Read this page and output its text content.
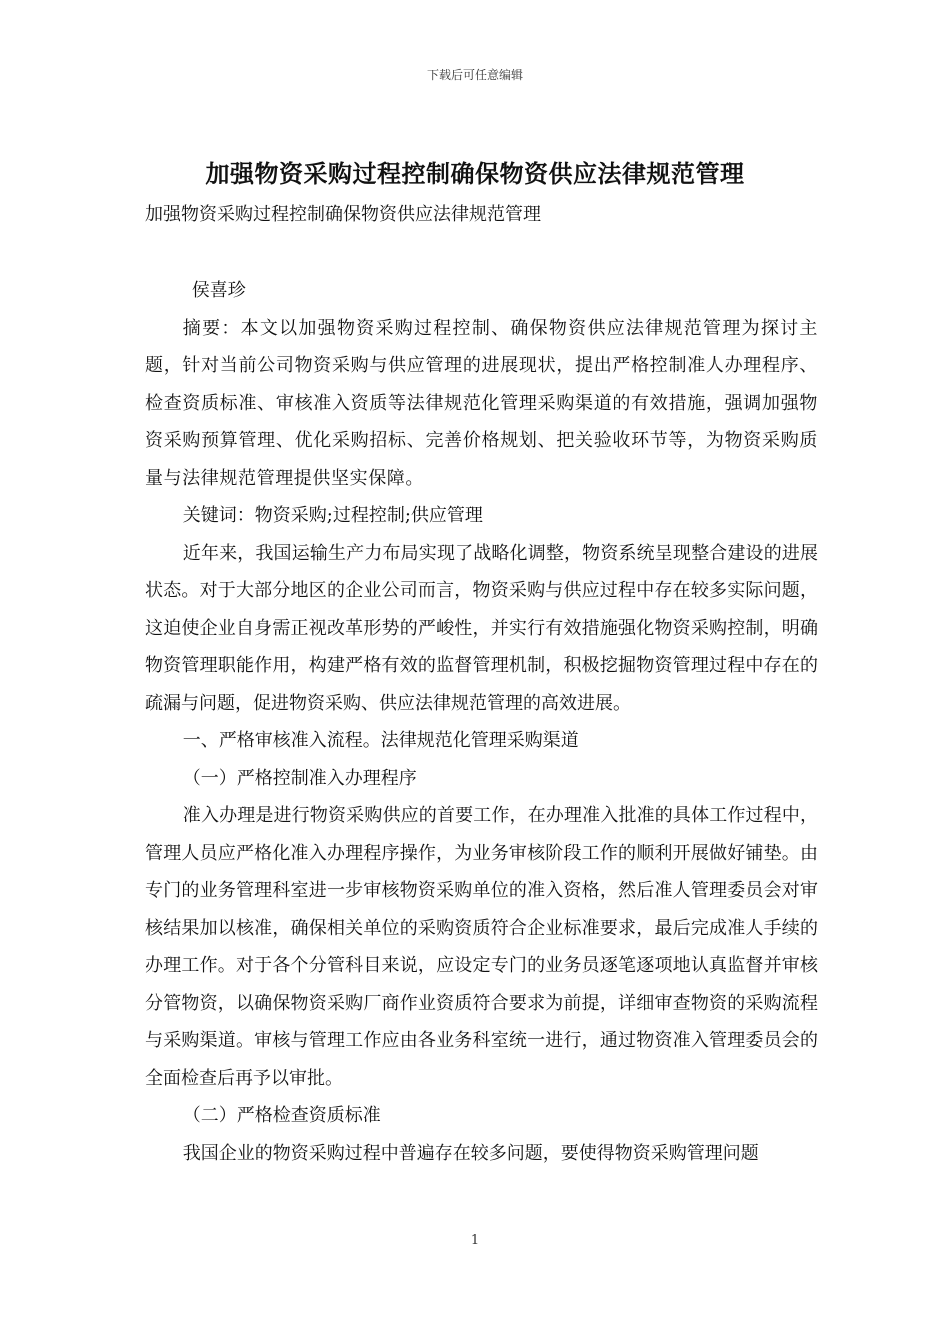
下载后可任意编辑
加强物资采购过程控制确保物资供应法律规范管理
加强物资采购过程控制确保物资供应法律规范管理

侯喜珍

摘要：本文以加强物资采购过程控制、确保物资供应法律规范管理为探讨主题，针对当前公司物资采购与供应管理的进展现状，提出严格控制准人办理程序、检查资质标准、审核准入资质等法律规范化管理采购渠道的有效措施，强调加强物资采购预算管理、优化采购招标、完善价格规划、把关验收环节等，为物资采购质量与法律规范管理提供坚实保障。

关键词：物资采购;过程控制;供应管理

近年来，我国运输生产力布局实现了战略化调整，物资系统呈现整合建设的进展状态。对于大部分地区的企业公司而言，物资采购与供应过程中存在较多实际问题，这迫使企业自身需正视改革形势的严峻性，并实行有效措施强化物资采购控制，明确物资管理职能作用，构建严格有效的监督管理机制，积极挖掘物资管理过程中存在的疏漏与问题，促进物资采购、供应法律规范管理的高效进展。

一、严格审核准入流程。法律规范化管理采购渠道

（一）严格控制准入办理程序

准入办理是进行物资采购供应的首要工作，在办理准入批准的具体工作过程中，管理人员应严格化准入办理程序操作，为业务审核阶段工作的顺利开展做好铺垫。由专门的业务管理科室进一步审核物资采购单位的准入资格，然后准人管理委员会对审核结果加以核准，确保相关单位的采购资质符合企业标准要求，最后完成准人手续的办理工作。对于各个分管科目来说，应设定专门的业务员逐笔逐项地认真监督并审核分管物资，以确保物资采购厂商作业资质符合要求为前提，详细审查物资的采购流程与采购渠道。审核与管理工作应由各业务科室统一进行，通过物资准入管理委员会的全面检查后再予以审批。

（二）严格检查资质标准

我国企业的物资采购过程中普遍存在较多问题，要使得物资采购管理问题

1
